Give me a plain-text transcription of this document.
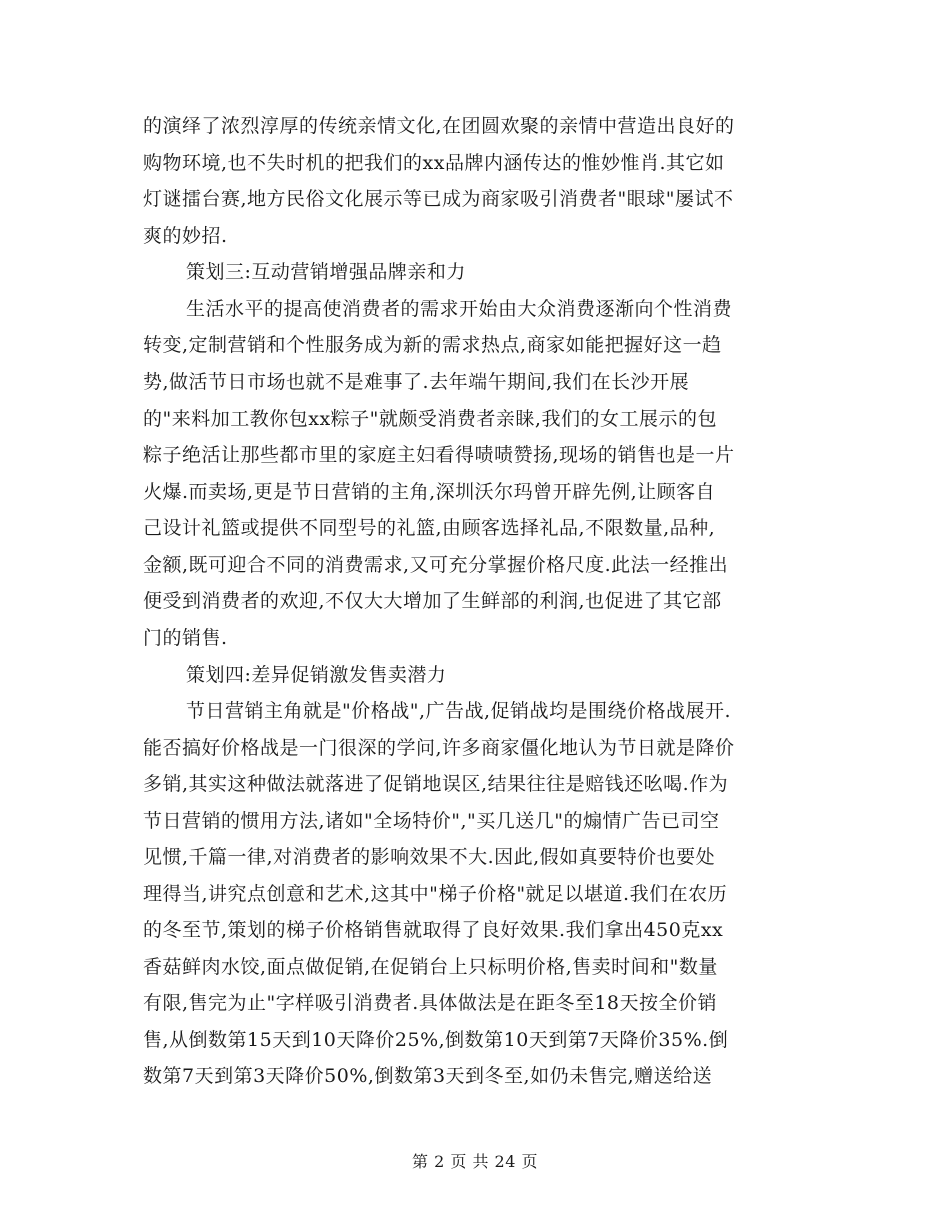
的演绎了浓烈淳厚的传统亲情文化,在团圆欢聚的亲情中营造出良好的
购物环境,也不失时机的把我们的xx品牌内涵传达的惟妙惟肖.其它如
灯谜擂台赛,地方民俗文化展示等已成为商家吸引消费者"眼球"屡试不
爽的妙招.
策划三:互动营销增强品牌亲和力
生活水平的提高使消费者的需求开始由大众消费逐渐向个性消费
转变,定制营销和个性服务成为新的需求热点,商家如能把握好这一趋
势,做活节日市场也就不是难事了.去年端午期间,我们在长沙开展
的"来料加工教你包xx粽子"就颇受消费者亲睐,我们的女工展示的包
粽子绝活让那些都市里的家庭主妇看得啧啧赞扬,现场的销售也是一片
火爆.而卖场,更是节日营销的主角,深圳沃尔玛曾开辟先例,让顾客自
己设计礼篮或提供不同型号的礼篮,由顾客选择礼品,不限数量,品种,
金额,既可迎合不同的消费需求,又可充分掌握价格尺度.此法一经推出
便受到消费者的欢迎,不仅大大增加了生鲜部的利润,也促进了其它部
门的销售.
策划四:差异促销激发售卖潜力
节日营销主角就是"价格战",广告战,促销战均是围绕价格战展开.
能否搞好价格战是一门很深的学问,许多商家僵化地认为节日就是降价
多销,其实这种做法就落进了促销地误区,结果往往是赔钱还吆喝.作为
节日营销的惯用方法,诸如"全场特价","买几送几"的煽情广告已司空
见惯,千篇一律,对消费者的影响效果不大.因此,假如真要特价也要处
理得当,讲究点创意和艺术,这其中"梯子价格"就足以堪道.我们在农历
的冬至节,策划的梯子价格销售就取得了良好效果.我们拿出450克xx
香菇鲜肉水饺,面点做促销,在促销台上只标明价格,售卖时间和"数量
有限,售完为止"字样吸引消费者.具体做法是在距冬至18天按全价销
售,从倒数第15天到10天降价25%,倒数第10天到第7天降价35%.倒
数第7天到第3天降价50%,倒数第3天到冬至,如仍未售完,赠送给送
第 2 页 共 24 页
